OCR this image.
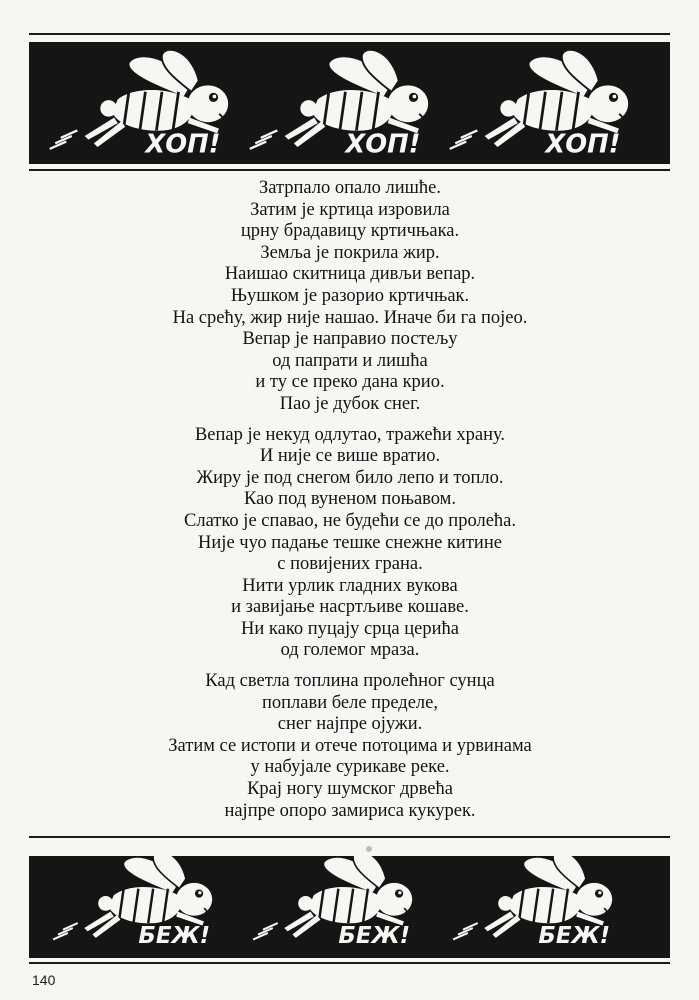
ХОП!	ХОП!	ХОП!
Затрпало опало лишће.
Затим је кртица изровила
црну брадавицу кртичњака.
Земља је покрила жир.
Наишао скитница дивљи вепар.
Њушком је разорио кртичњак.
На срећу, жир није нашао. Иначе би га појео.
Вепар је направио постељу
од папрати и лишћа
и ту се преко дана крио.
Пао је дубок снег.
Вепар је некуд одлутао, тражећи храну.
И није се више вратио.
Жиру је под снегом било лепо и топло.
Као под вуненом поњавом.
Слатко је спавао, не будећи се до пролећа.
Није чуо падање тешке снежне китине
с повијених грана.
Нити урлик гладних вукова
и завијање насртљиве кошаве.
Ни како пуцају срца церића
од големог мраза.
Кад светла топлина пролећног сунца
поплави беле пределе,
снег најпре ојужи.
Затим се истопи и отече потоцима и урвинама
у набујале сурикаве реке.
Крај ногу шумског дрвећа
најпре опоро замирисa кукурек.
БЕЖ!	БЕЖ!	БЕЖ!
140
